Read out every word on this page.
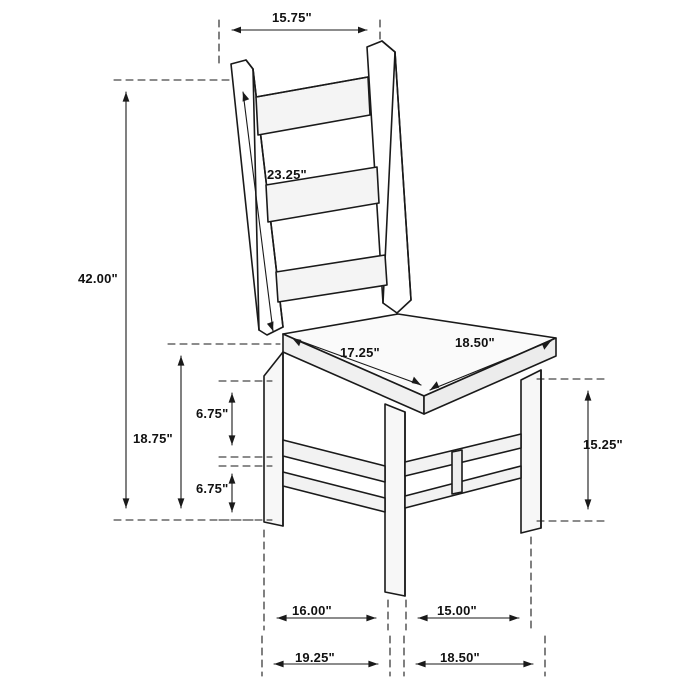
15.75"
23.25"
42.00"
18.75"
17.25"
18.50"
6.75"
6.75"
15.25"
16.00"	15.00"
19.25"	18.50"
